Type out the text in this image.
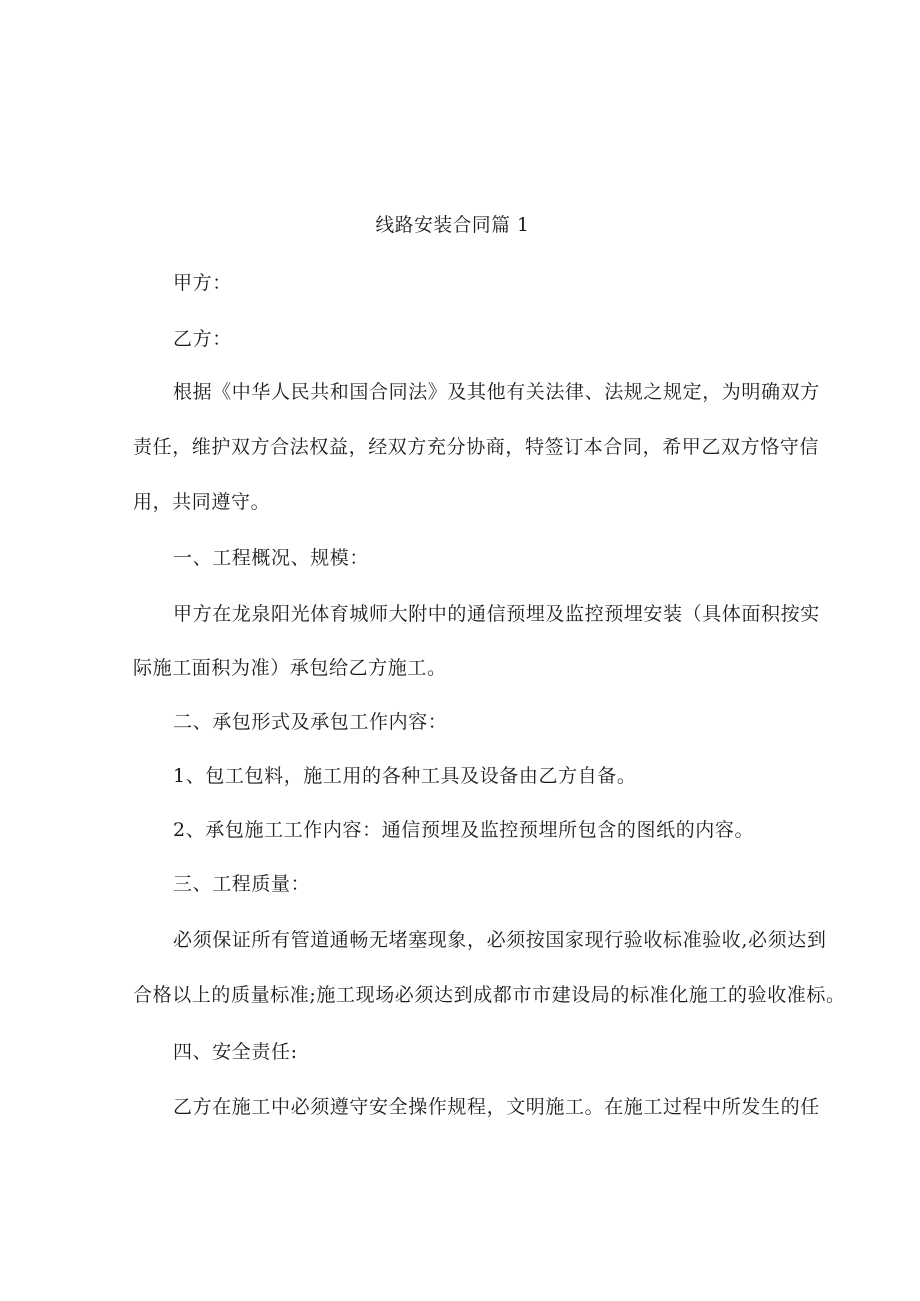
线路安装合同篇 1
甲方：
乙方：
根据《中华人民共和国合同法》及其他有关法律、法规之规定，为明确双方
责任，维护双方合法权益，经双方充分协商，特签订本合同，希甲乙双方恪守信
用，共同遵守。
一、工程概况、规模：
甲方在龙泉阳光体育城师大附中的通信预埋及监控预埋安装（具体面积按实
际施工面积为准）承包给乙方施工。
二、承包形式及承包工作内容：
1、包工包料，施工用的各种工具及设备由乙方自备。
2、承包施工工作内容：通信预埋及监控预埋所包含的图纸的内容。
三、工程质量：
必须保证所有管道通畅无堵塞现象，必须按国家现行验收标准验收,必须达到
合格以上的质量标准;施工现场必须达到成都市市建设局的标准化施工的验收准标。
四、安全责任:
乙方在施工中必须遵守安全操作规程，文明施工。在施工过程中所发生的任
